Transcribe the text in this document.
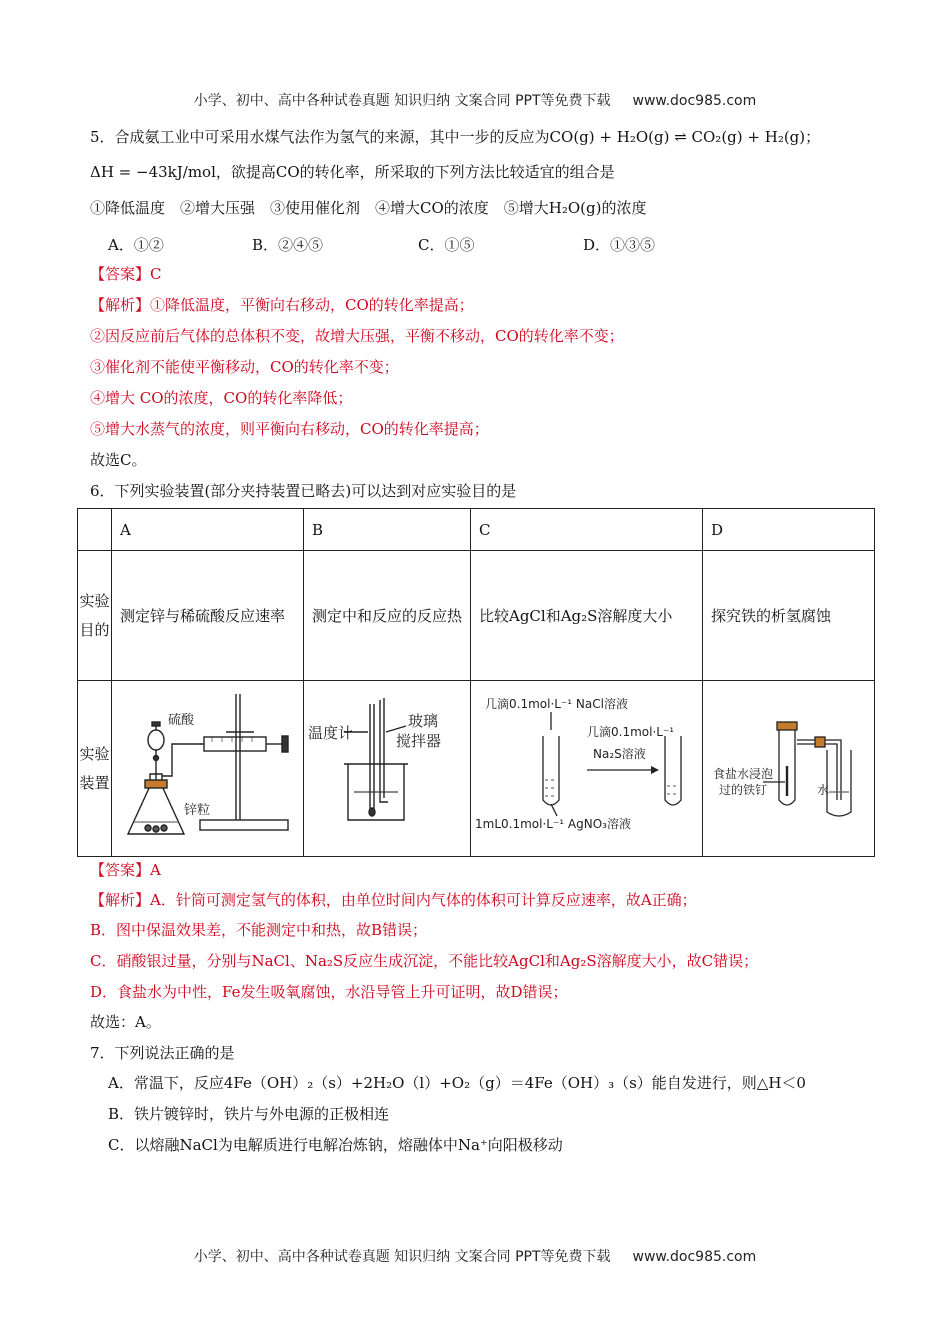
小学、初中、高中各种试卷真题 知识归纳 文案合同 PPT等免费下载 www.doc985.com
5．合成氨工业中可采用水煤气法作为氢气的来源，其中一步的反应为CO(g) + H₂O(g) ⇌ CO₂(g) + H₂(g)；
ΔH = −43kJ/mol，欲提高CO的转化率，所采取的下列方法比较适宜的组合是
①降低温度　②增大压强　③使用催化剂　④增大CO的浓度　⑤增大H₂O(g)的浓度
A．①②	B．②④⑤	C．①⑤	D．①③⑤
【答案】C
【解析】①降低温度，平衡向右移动，CO的转化率提高；
②因反应前后气体的总体积不变，故增大压强，平衡不移动，CO的转化率不变；
③催化剂不能使平衡移动，CO的转化率不变；
④增大 CO的浓度，CO的转化率降低；
⑤增大水蒸气的浓度，则平衡向右移动，CO的转化率提高；
故选C。
6．下列实验装置(部分夹持装置已略去)可以达到对应实验目的是
	A	B	C	D
实验目的	测定锌与稀硫酸反应速率	测定中和反应的反应热	比较AgCl和Ag₂S溶解度大小	探究铁的析氢腐蚀
实验装置	硫酸
锌粒	温度计
玻璃
搅拌器	几滴0.1mol·L⁻¹ NaCl溶液
几滴0.1mol·L⁻¹
Na₂S溶液
1mL0.1mol·L⁻¹ AgNO₃溶液	食盐水浸泡
过的铁钉 水
【答案】A
【解析】A．针筒可测定氢气的体积，由单位时间内气体的体积可计算反应速率，故A正确；
B．图中保温效果差，不能测定中和热，故B错误；
C．硝酸银过量，分别与NaCl、Na₂S反应生成沉淀，不能比较AgCl和Ag₂S溶解度大小，故C错误；
D．食盐水为中性，Fe发生吸氧腐蚀，水沿导管上升可证明，故D错误；
故选：A。
7．下列说法正确的是
A．常温下，反应4Fe（OH）₂（s）+2H₂O（l）+O₂（g）＝4Fe（OH）₃（s）能自发进行，则△H＜0
B．铁片镀锌时，铁片与外电源的正极相连
C．以熔融NaCl为电解质进行电解冶炼钠，熔融体中Na⁺向阳极移动
小学、初中、高中各种试卷真题 知识归纳 文案合同 PPT等免费下载 www.doc985.com
